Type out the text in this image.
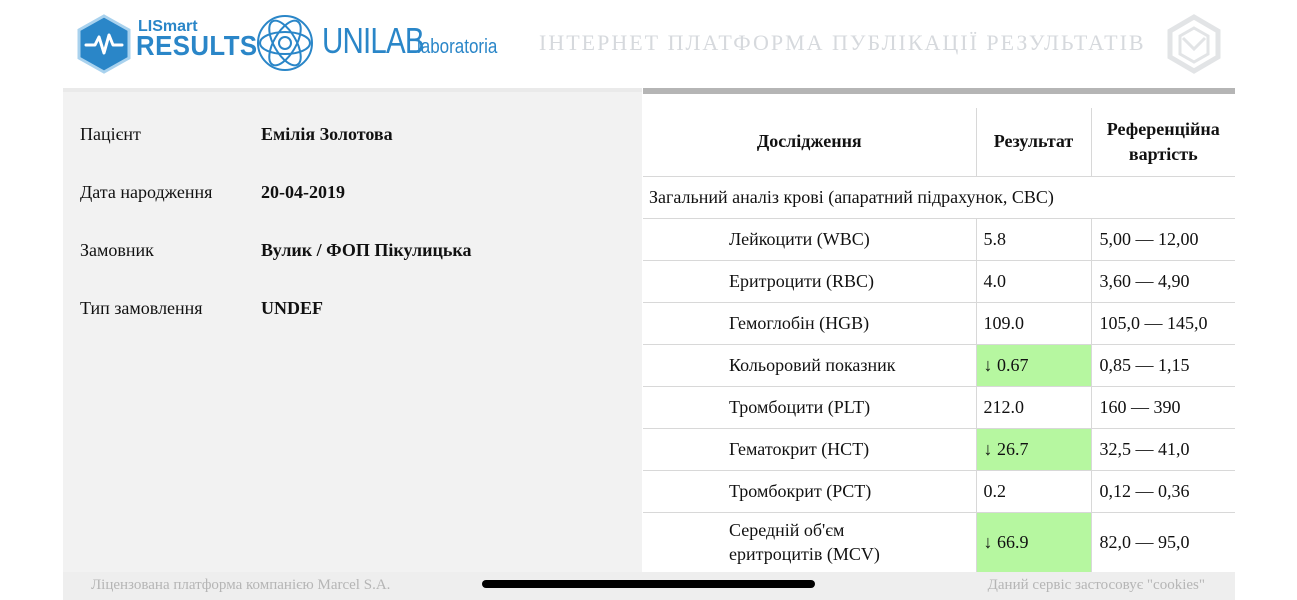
LISmart
RESULTS UNILAB
laboratoria ІНТЕРНЕТ ПЛАТФОРМА ПУБЛІКАЦІЇ РЕЗУЛЬТАТІВ
Пацієнт	Емілія Золотова
Дата народження	20-04-2019
Замовник	Вулик / ФОП Пікулицька
Тип замовлення	UNDEF
Дослідження	Результат	Референційна вартість
Загальний аналіз крові (апаратний підрахунок, CBC)		
Лейкоцити (WBC)	5.8	5,00 — 12,00
Еритроцити (RBC)	4.0	3,60 — 4,90
Гемоглобін (HGB)	109.0	105,0 — 145,0
Кольоровий показник	↓ 0.67	0,85 — 1,15
Тромбоцити (PLT)	212.0	160 — 390
Гематокрит (HCT)	↓ 26.7	32,5 — 41,0
Тромбокрит (PCT)	0.2	0,12 — 0,36
Середній об'єм
еритроцитів (MCV)	↓ 66.9	82,0 — 95,0
Ліцензована платформа компанією Marcel S.A.	Даний сервіс застосовує "cookies"
